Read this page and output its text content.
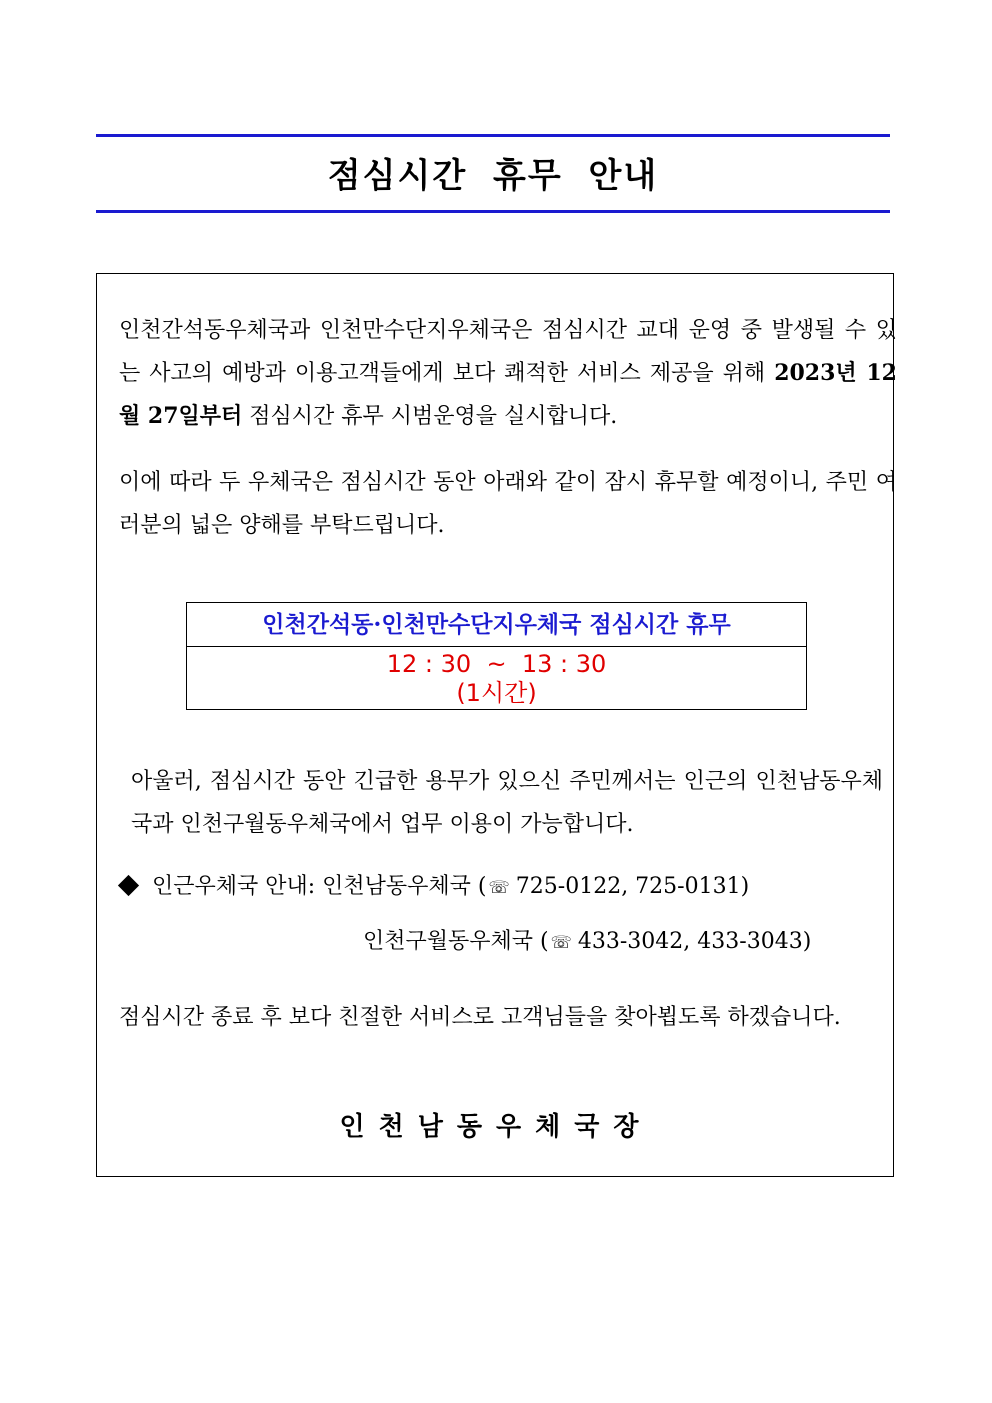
점심시간 휴무 안내

인천간석동우체국과 인천만수단지우체국은 점심시간 교대 운영 중 발생될 수 있는 사고의 예방과 이용고객들에게 보다 쾌적한 서비스 제공을 위해 2023년 12월 27일부터 점심시간 휴무 시범운영을 실시합니다.

이에 따라 두 우체국은 점심시간 동안 아래와 같이 잠시 휴무할 예정이니, 주민 여러분의 넓은 양해를 부탁드립니다.

인천간석동·인천만수단지우체국 점심시간 휴무
12 : 30  ~  13 : 30
(1시간)

아울러, 점심시간 동안 긴급한 용무가 있으신 주민께서는 인근의 인천남동우체국과 인천구월동우체국에서 업무 이용이 가능합니다.

인근우체국 안내: 인천남동우체국 ( ☏ 725-0122, 725-0131)
인천구월동우체국 ( ☏ 433-3042, 433-3043)

점심시간 종료 후 보다 친절한 서비스로 고객님들을 찾아뵙도록 하겠습니다.

인천남동우체국장
